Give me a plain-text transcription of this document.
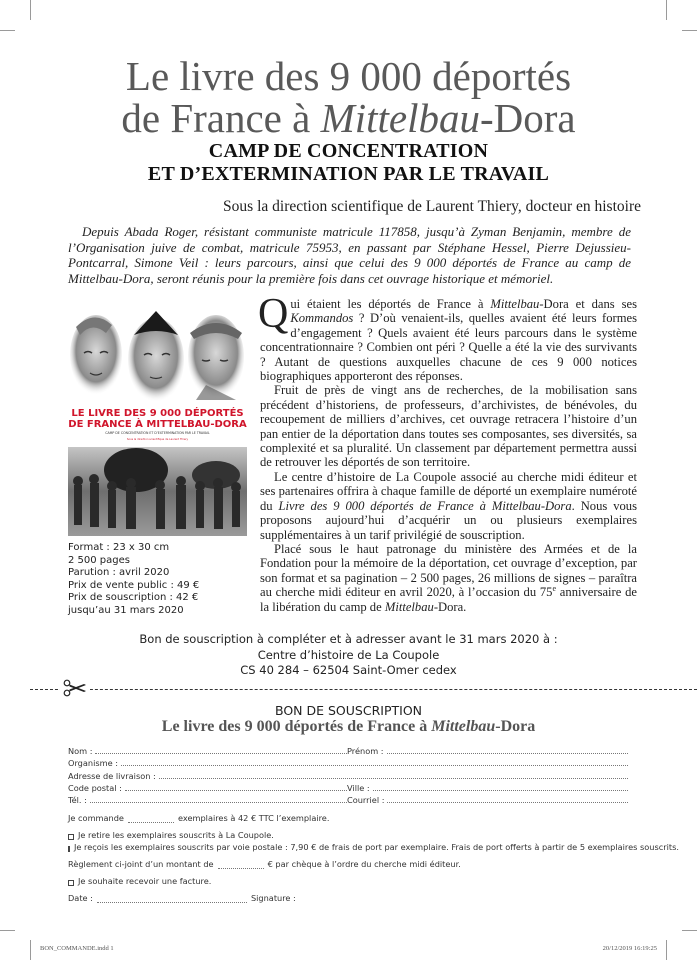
Le livre des 9 000 déportés
de France à Mittelbau-Dora
CAMP DE CONCENTRATION
ET D’EXTERMINATION PAR LE TRAVAIL
Sous la direction scientifique de Laurent Thiery, docteur en histoire
Depuis Abada Roger, résistant communiste matricule 117858, jusqu’à Zyman Benjamin, membre de l’Organisation juive de combat, matricule 75953, en passant par Stéphane Hessel, Pierre Dejussieu-Pontcarral, Simone Veil : leurs parcours, ainsi que celui des 9 000 déportés de France au camp de Mittelbau-Dora, seront réunis pour la première fois dans cet ouvrage historique et mémoriel.
LE LIVRE DES 9 000 DÉPORTÉS
DE FRANCE À MITTELBAU-DORA
CAMP DE CONCENTRATION ET D’EXTERMINATION PAR LE TRAVAIL
Sous la direction scientifique de Laurent Thiery
Format : 23 x 30 cm
2 500 pages
Parution : avril 2020
Prix de vente public : 49 €
Prix de souscription : 42 €
jusqu’au 31 mars 2020

Qui étaient les déportés de France à Mittelbau-Dora et dans ses Kommandos ? D’où venaient-ils, quelles avaient été leurs formes d’engagement ? Quels avaient été leurs parcours dans le système concentrationnaire ? Combien ont péri ? Quelle a été la vie des survivants ? Autant de questions auxquelles chacune de ces 9 000 notices biographiques apporteront des réponses.

Fruit de près de vingt ans de recherches, de la mobilisation sans précédent d’historiens, de professeurs, d’archivistes, de bénévoles, du recoupement de milliers d’archives, cet ouvrage retracera l’histoire d’un pan entier de la déportation dans toutes ses composantes, ses diversités, sa complexité et sa pluralité. Un classement par département permettra aussi de retrouver les déportés de son territoire.

Le centre d’histoire de La Coupole associé au cherche midi éditeur et ses partenaires offrira à chaque famille de déporté un exemplaire numéroté du Livre des 9 000 déportés de France à Mittelbau-Dora. Nous vous proposons aujourd’hui d’acquérir un ou plusieurs exemplaires supplémentaires à un tarif privilégié de souscription.

Placé sous le haut patronage du ministère des Armées et de la Fondation pour la mémoire de la déportation, cet ouvrage d’exception, par son format et sa pagination – 2 500 pages, 26 millions de signes – paraîtra au cherche midi éditeur en avril 2020, à l’occasion du 75e anniversaire de la libération du camp de Mittelbau-Dora.

Bon de souscription à compléter et à adresser avant le 31 mars 2020 à :
Centre d’histoire de La Coupole
CS 40 284 – 62504 Saint-Omer cedex
BON DE SOUSCRIPTION
Le livre des 9 000 déportés de France à Mittelbau-Dora
Nom :	Prénom :
Organisme :
Adresse de livraison :
Code postal :	Ville :
Tél. :	Courriel :
Je commande	exemplaires à 42 € TTC l’exemplaire.
Je retire les exemplaires souscrits à La Coupole.
Je reçois les exemplaires souscrits par voie postale : 7,90 € de frais de port par exemplaire. Frais de port offerts à partir de 5 exemplaires souscrits.
Règlement ci-joint d’un montant de	€ par chèque à l’ordre du cherche midi éditeur.
Je souhaite recevoir une facture.
Date :	Signature :
BON_COMMANDE.indd 1	20/12/2019 16:19:25
